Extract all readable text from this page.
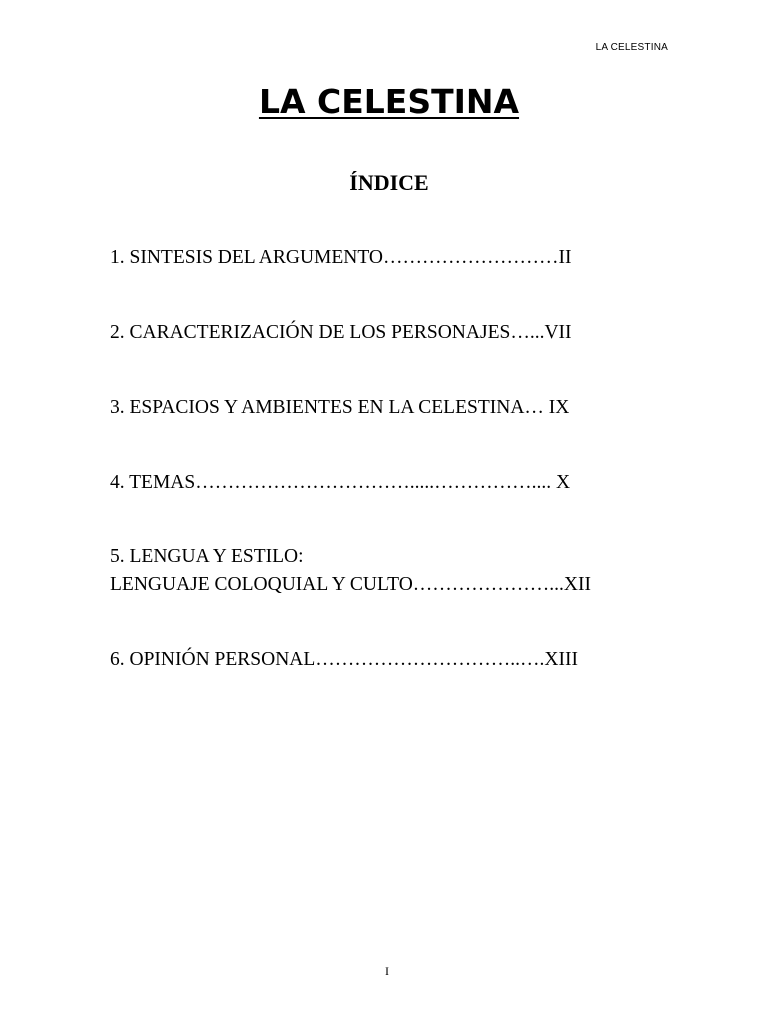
LA CELESTINA
LA CELESTINA
ÍNDICE
1. SINTESIS DEL ARGUMENTO………………………II
2. CARACTERIZACIÓN DE LOS PERSONAJES…...VII
3. ESPACIOS Y AMBIENTES EN LA CELESTINA… IX
4. TEMAS…………………………….....…………….... X
5. LENGUA Y ESTILO:
LENGUAJE COLOQUIAL Y CULTO…………………...XII
6. OPINIÓN PERSONAL…………………………..….XIII
I
